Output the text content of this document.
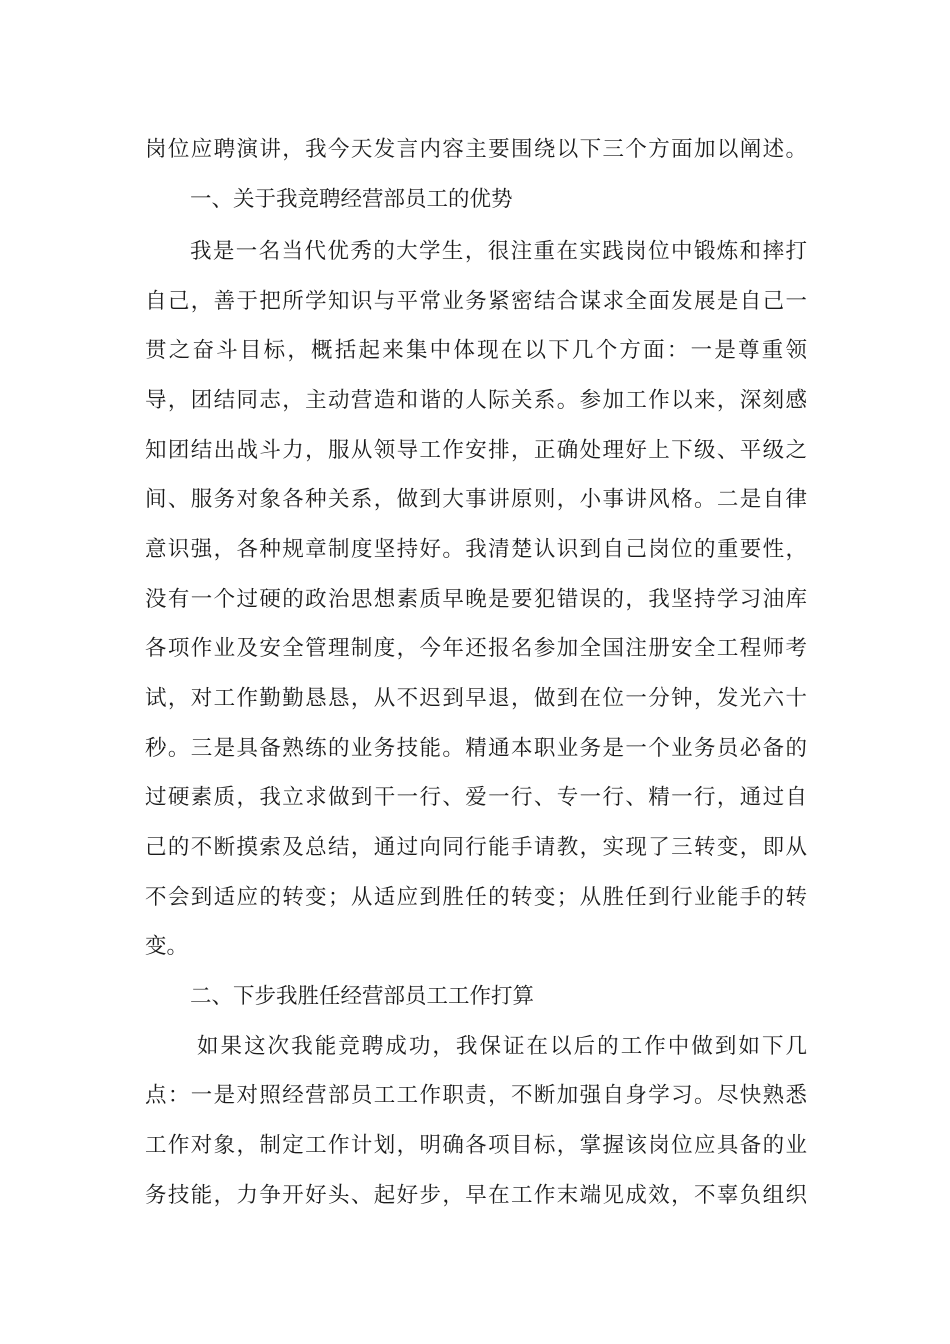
岗位应聘演讲，我今天发言内容主要围绕以下三个方面加以阐述。
一、关于我竞聘经营部员工的优势
我是一名当代优秀的大学生，很注重在实践岗位中锻炼和摔打
自己，善于把所学知识与平常业务紧密结合谋求全面发展是自己一
贯之奋斗目标，概括起来集中体现在以下几个方面：一是尊重领
导，团结同志，主动营造和谐的人际关系。参加工作以来，深刻感
知团结出战斗力，服从领导工作安排，正确处理好上下级、平级之
间、服务对象各种关系，做到大事讲原则，小事讲风格。二是自律
意识强，各种规章制度坚持好。我清楚认识到自己岗位的重要性，
没有一个过硬的政治思想素质早晚是要犯错误的，我坚持学习油库
各项作业及安全管理制度，今年还报名参加全国注册安全工程师考
试，对工作勤勤恳恳，从不迟到早退，做到在位一分钟，发光六十
秒。三是具备熟练的业务技能。精通本职业务是一个业务员必备的
过硬素质，我立求做到干一行、爱一行、专一行、精一行，通过自
己的不断摸索及总结，通过向同行能手请教，实现了三转变，即从
不会到适应的转变；从适应到胜任的转变；从胜任到行业能手的转
变。
二、下步我胜任经营部员工工作打算
如果这次我能竞聘成功，我保证在以后的工作中做到如下几
点：一是对照经营部员工工作职责，不断加强自身学习。尽快熟悉
工作对象，制定工作计划，明确各项目标，掌握该岗位应具备的业
务技能，力争开好头、起好步，早在工作末端见成效，不辜负组织
